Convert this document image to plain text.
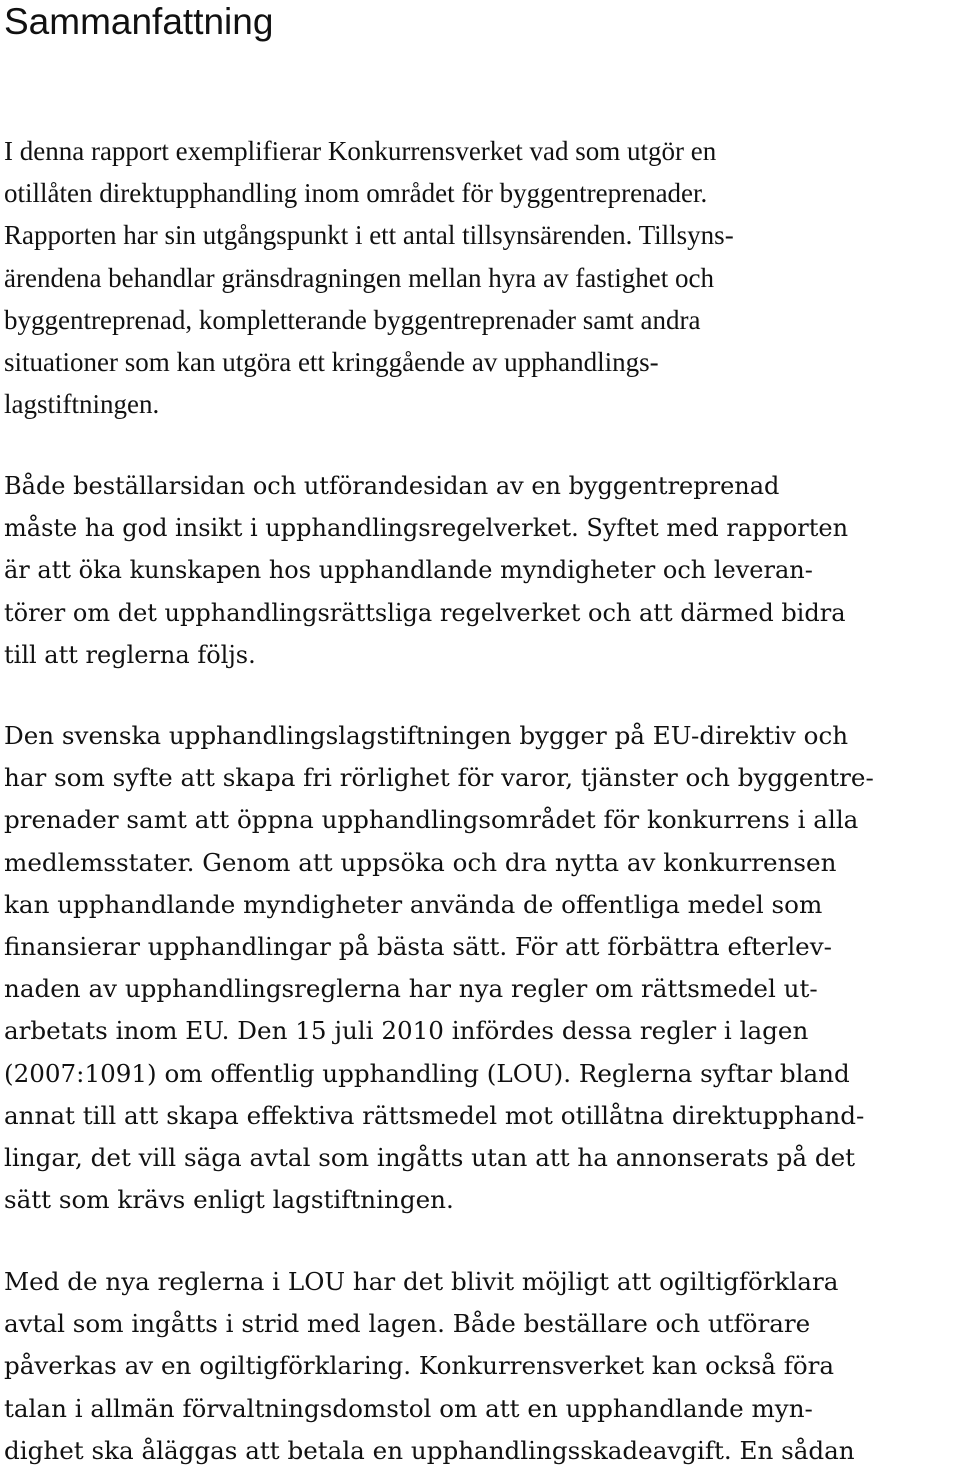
Sammanfattning

I denna rapport exemplifierar Konkurrensverket vad som utgör en
otillåten direktupphandling inom området för byggentreprenader.
Rapporten har sin utgångspunkt i ett antal tillsynsärenden. Tillsyns-
ärendena behandlar gränsdragningen mellan hyra av fastighet och
byggentreprenad, kompletterande byggentreprenader samt andra
situationer som kan utgöra ett kringgående av upphandlings-
lagstiftningen.

Både beställarsidan och utförandesidan av en byggentreprenad
måste ha god insikt i upphandlingsregelverket. Syftet med rapporten
är att öka kunskapen hos upphandlande myndigheter och leveran-
törer om det upphandlingsrättsliga regelverket och att därmed bidra
till att reglerna följs.

Den svenska upphandlingslagstiftningen bygger på EU-direktiv och
har som syfte att skapa fri rörlighet för varor, tjänster och byggentre-
prenader samt att öppna upphandlingsområdet för konkurrens i alla
medlemsstater. Genom att uppsöka och dra nytta av konkurrensen
kan upphandlande myndigheter använda de offentliga medel som
finansierar upphandlingar på bästa sätt. För att förbättra efterlev-
naden av upphandlingsreglerna har nya regler om rättsmedel ut-
arbetats inom EU. Den 15 juli 2010 infördes dessa regler i lagen
(2007:1091) om offentlig upphandling (LOU). Reglerna syftar bland
annat till att skapa effektiva rättsmedel mot otillåtna direktupphand-
lingar, det vill säga avtal som ingåtts utan att ha annonserats på det
sätt som krävs enligt lagstiftningen.

Med de nya reglerna i LOU har det blivit möjligt att ogiltigförklara
avtal som ingåtts i strid med lagen. Både beställare och utförare
påverkas av en ogiltigförklaring. Konkurrensverket kan också föra
talan i allmän förvaltningsdomstol om att en upphandlande myn-
dighet ska åläggas att betala en upphandlingsskadeavgift. En sådan
